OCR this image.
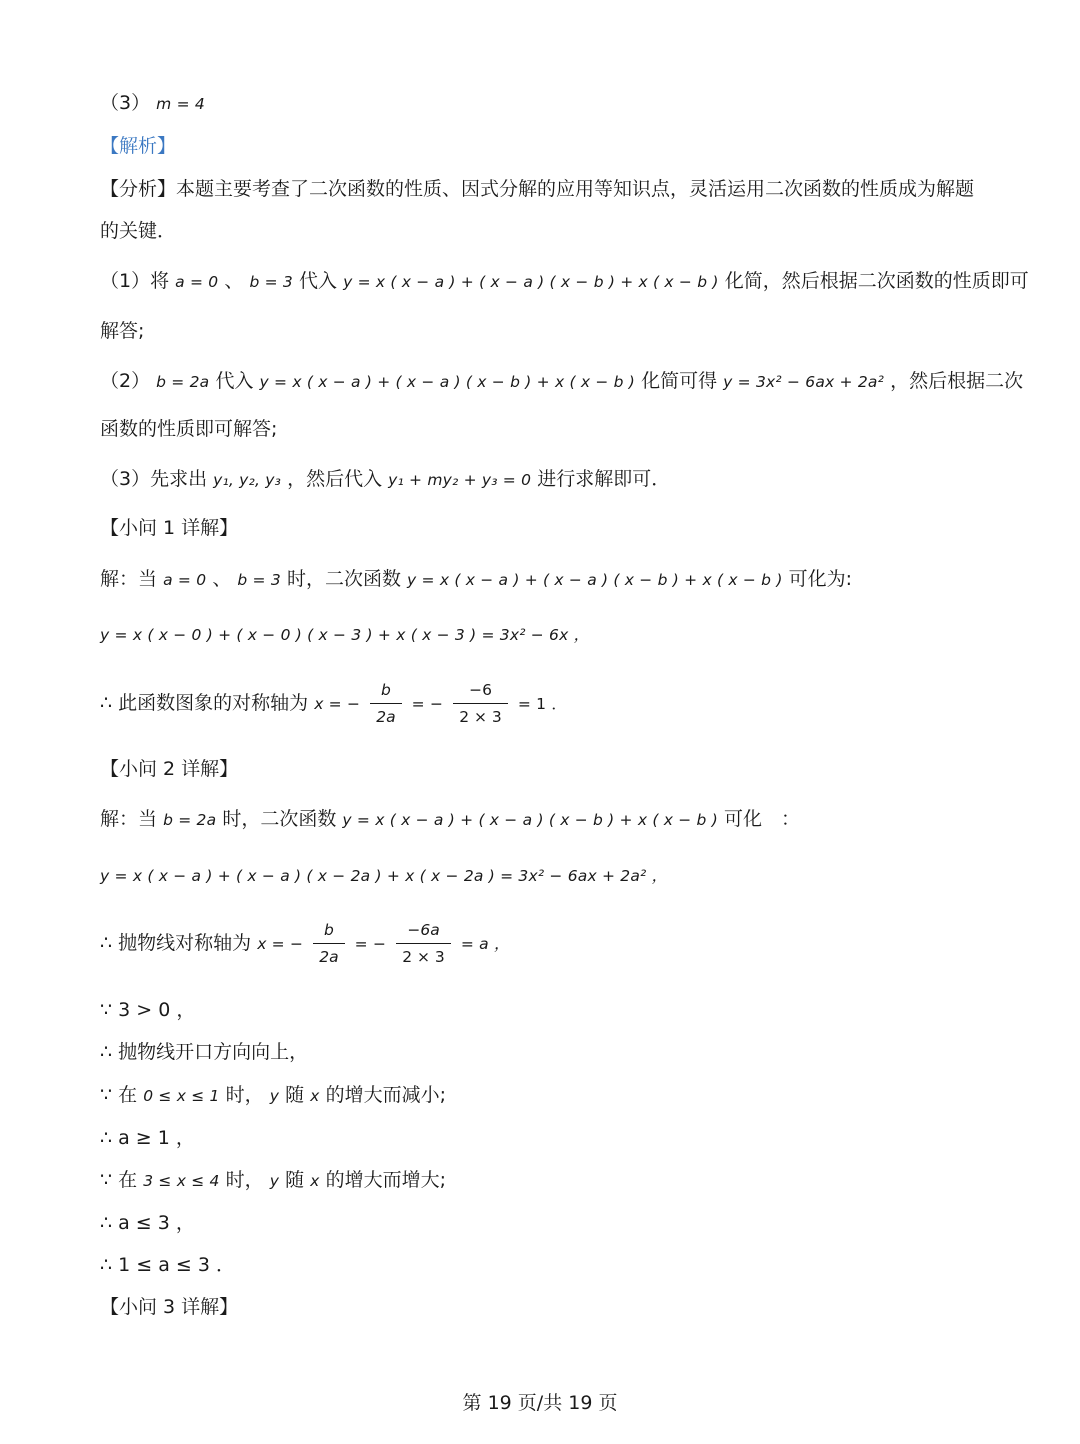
（3） m = 4
【解析】
【分析】本题主要考查了二次函数的性质、因式分解的应用等知识点，灵活运用二次函数的性质成为解题
的关键．
（1）将 a = 0 、 b = 3 代入 y = x ( x − a ) + ( x − a ) ( x − b ) + x ( x − b ) 化简，然后根据二次函数的性质即可
解答;
（2） b = 2a 代入 y = x ( x − a ) + ( x − a ) ( x − b ) + x ( x − b ) 化简可得 y = 3x² − 6ax + 2a² ，然后根据二次
函数的性质即可解答;
（3）先求出 y₁, y₂, y₃ ，然后代入 y₁ + my₂ + y₃ = 0 进行求解即可．
【小问 1 详解】
解：当 a = 0 、 b = 3 时，二次函数 y = x ( x − a ) + ( x − a ) ( x − b ) + x ( x − b ) 可化为:
y = x ( x − 0 ) + ( x − 0 ) ( x − 3 ) + x ( x − 3 ) = 3x² − 6x ，
∴ 此函数图象的对称轴为 x = − $\frac{b}{2a}$ = − $\frac{-6}{2 \times 3} = 1$ ．
【小问 2 详解】
解：当 b = 2a 时，二次函数 y = x ( x − a ) + ( x − a ) ( x − b ) + x ( x − b ) 可化　：
y = x ( x − a ) + ( x − a ) ( x − 2a ) + x ( x − 2a ) = 3x² − 6ax + 2a² ，
∴ 抛物线对称轴为 x = − $\frac{b}{2a}$ = − $\frac{-6a}{2 \times 3} = a$ ，
∵ 3 > 0 ，
∴ 抛物线开口方向向上，
∵ 在 0 ≤ x ≤ 1 时， y 随 x 的增大而减小;
∴ a ≥ 1 ，
∵ 在 3 ≤ x ≤ 4 时， y 随 x 的增大而增大;
∴ a ≤ 3 ，
∴ 1 ≤ a ≤ 3 ．
【小问 3 详解】
第 19 页/共 19 页
